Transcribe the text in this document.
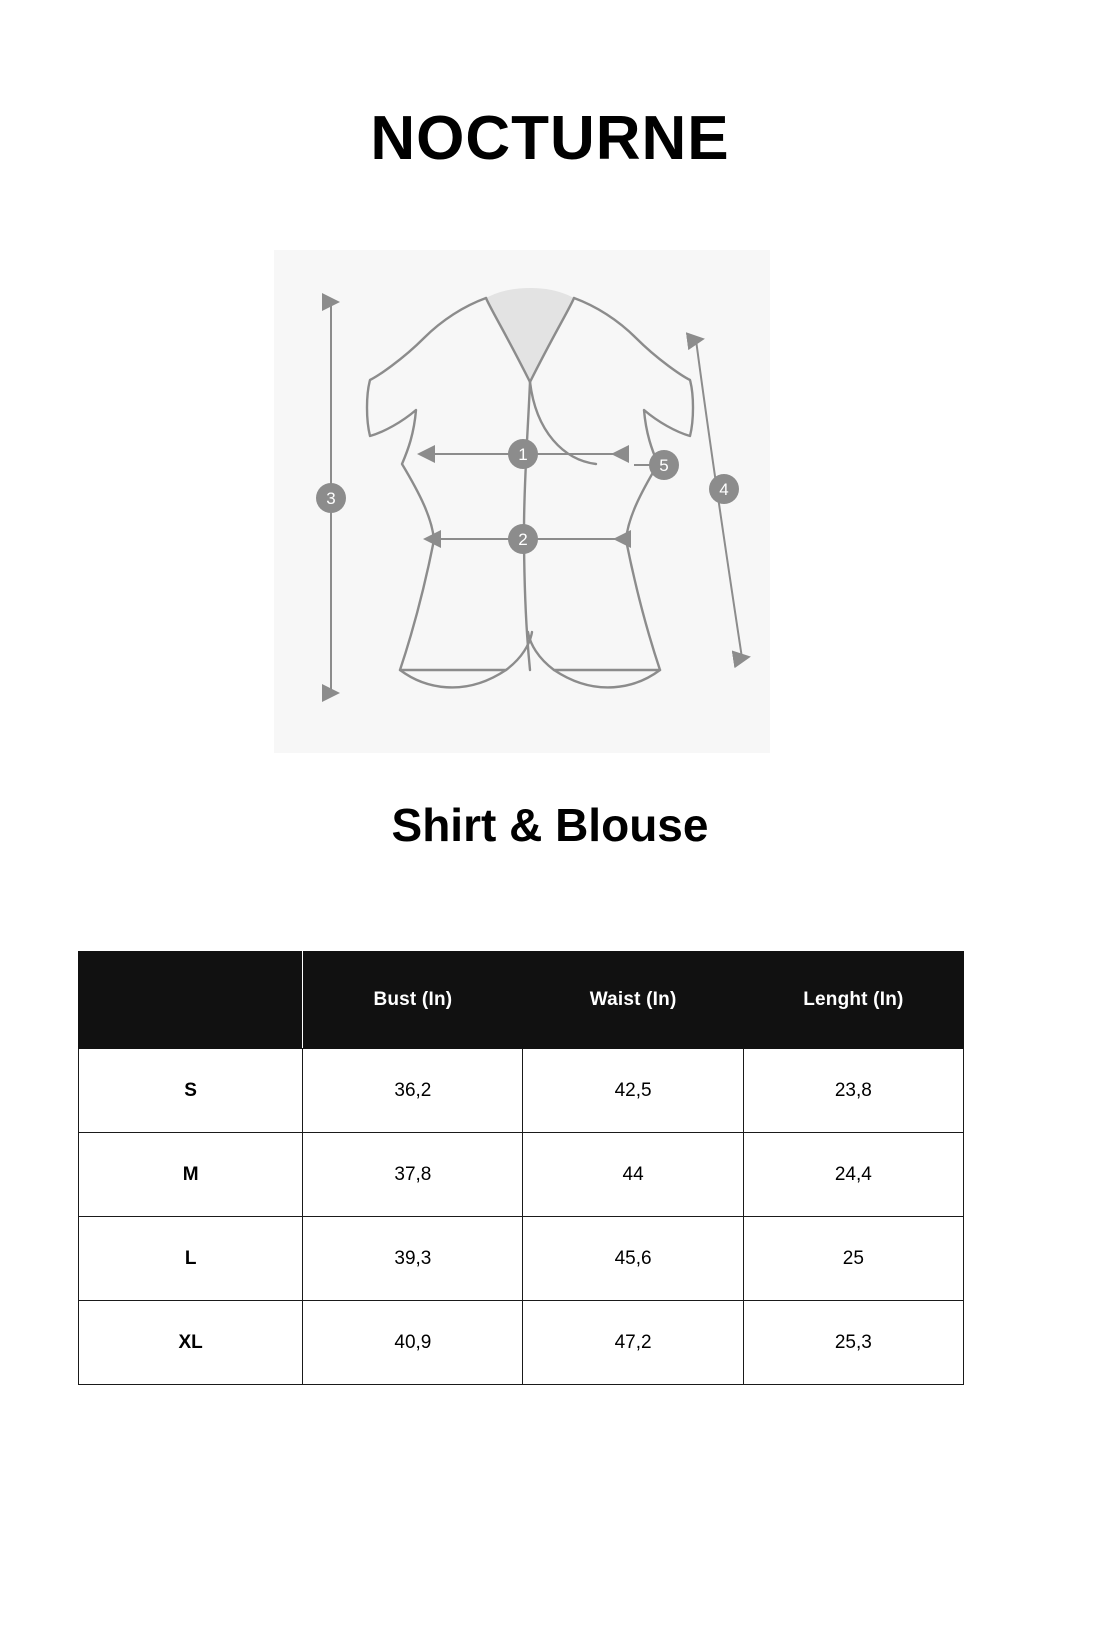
NOCTURNE
1
2
3	4
5
Shirt & Blouse
	Bust (In)	Waist (In)	Lenght (In)
S	36,2	42,5	23,8
M	37,8	44	24,4
L	39,3	45,6	25
XL	40,9	47,2	25,3
